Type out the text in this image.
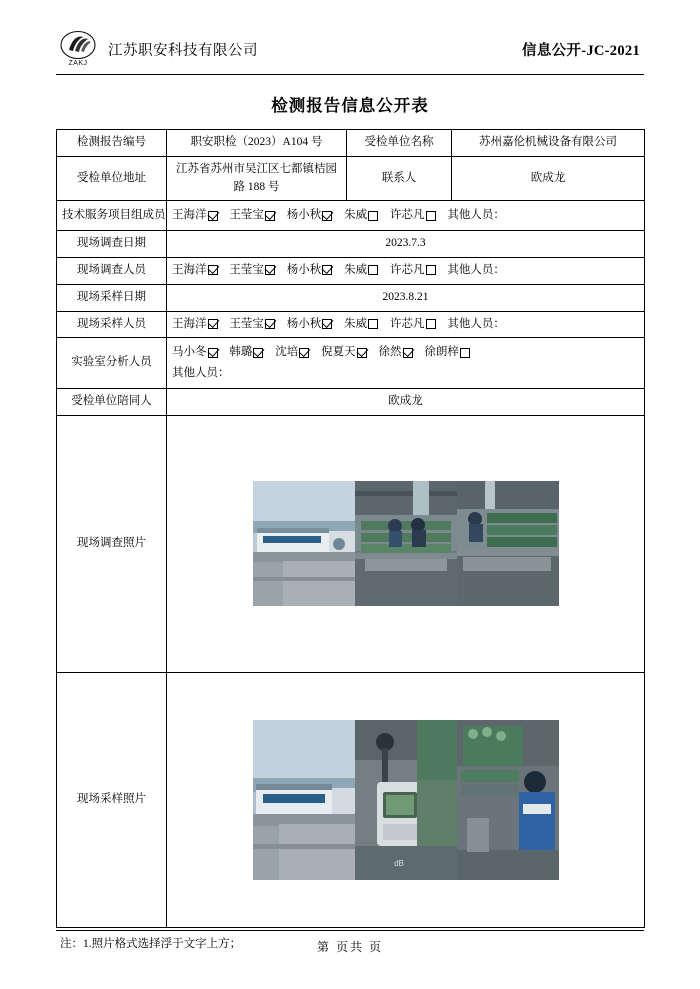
ZAKJ
江苏职安科技有限公司	信息公开-JC-2021
检测报告信息公开表
检测报告编号	职安职检（2023）A104 号	受检单位名称	苏州嘉伦机械设备有限公司
受检单位地址	江苏省苏州市吴江区七都镇桔园路 188 号	联系人	欧成龙
技术服务项目组成员	王海洋 王莹宝 杨小秋 朱威 许芯凡 其他人员：		
现场调查日期	2023.7.3		
现场调查人员	王海洋 王莹宝 杨小秋 朱威 许芯凡 其他人员：		
现场采样日期	2023.8.21		
现场采样人员	王海洋 王莹宝 杨小秋 朱威 许芯凡 其他人员：		
实验室分析人员	马小冬 韩璐 沈培 倪夏天 徐然 徐朗梓
其他人员：		

受检单位陪同人	欧成龙		
现场调查照片	

现场采样照片	dB		
注：1.照片格式选择浮于文字上方；	第 页共 页
